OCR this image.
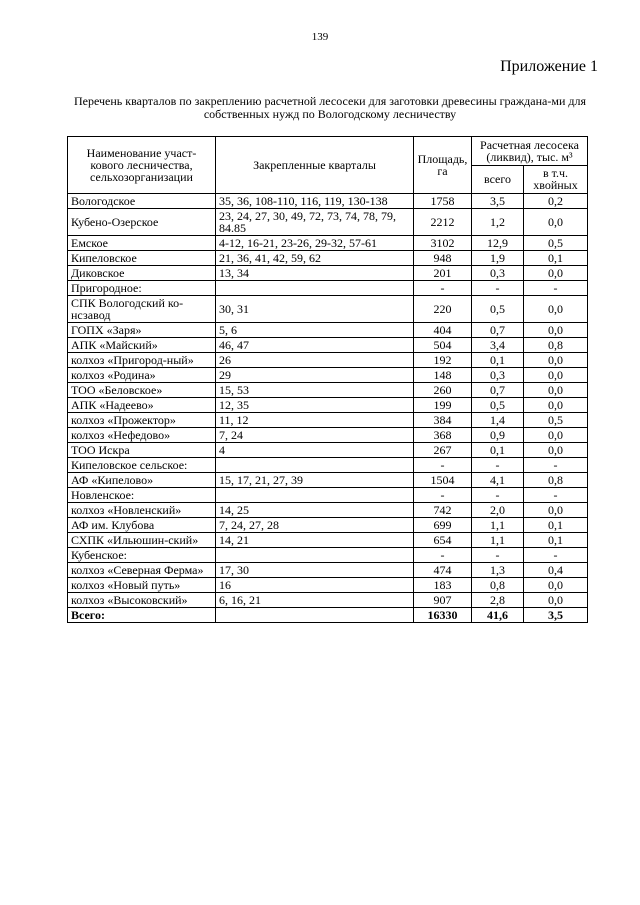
139
Приложение 1
Перечень кварталов по закреплению расчетной лесосеки для заготовки древесины граждана-ми для собственных нужд по Вологодскому лесничеству
Наименование участ-кового лесничества, сельхозорганизации	Закрепленные кварталы	Площадь, га	Расчетная лесосека (ликвид), тыс. м³	
			всего	в т.ч. хвойных
Вологодское	35, 36, 108-110, 116, 119, 130-138	1758	3,5	0,2
Кубено-Озерское	23, 24, 27, 30, 49, 72, 73, 74, 78, 79, 84.85	2212	1,2	0,0
Емское	4-12, 16-21, 23-26, 29-32, 57-61	3102	12,9	0,5
Кипеловское	21, 36, 41, 42, 59, 62	948	1,9	0,1
Диковское	13, 34	201	0,3	0,0
Пригородное:		-	-	-
СПК Вологодский ко-нсзавод	30, 31	220	0,5	0,0
ГОПХ «Заря»	5, 6	404	0,7	0,0
АПК «Майский»	46, 47	504	3,4	0,8
колхоз «Пригород-ный»	26	192	0,1	0,0
колхоз «Родина»	29	148	0,3	0,0
ТОО «Беловское»	15, 53	260	0,7	0,0
АПК «Надеево»	12, 35	199	0,5	0,0
колхоз «Прожектор»	11, 12	384	1,4	0,5
колхоз «Нефедово»	7, 24	368	0,9	0,0
ТОО Искра	4	267	0,1	0,0
Кипеловское сельское:		-	-	-
АФ «Кипелово»	15, 17, 21, 27, 39	1504	4,1	0,8
Новленское:		-	-	-
колхоз «Новленский»	14, 25	742	2,0	0,0
АФ им. Клубова	7, 24, 27, 28	699	1,1	0,1
СХПК «Ильюшин-ский»	14, 21	654	1,1	0,1
Кубенское:		-	-	-
колхоз «Северная Ферма»	17, 30	474	1,3	0,4
колхоз «Новый путь»	16	183	0,8	0,0
колхоз «Высоковский»	6, 16, 21	907	2,8	0,0
Всего:		16330	41,6	3,5
